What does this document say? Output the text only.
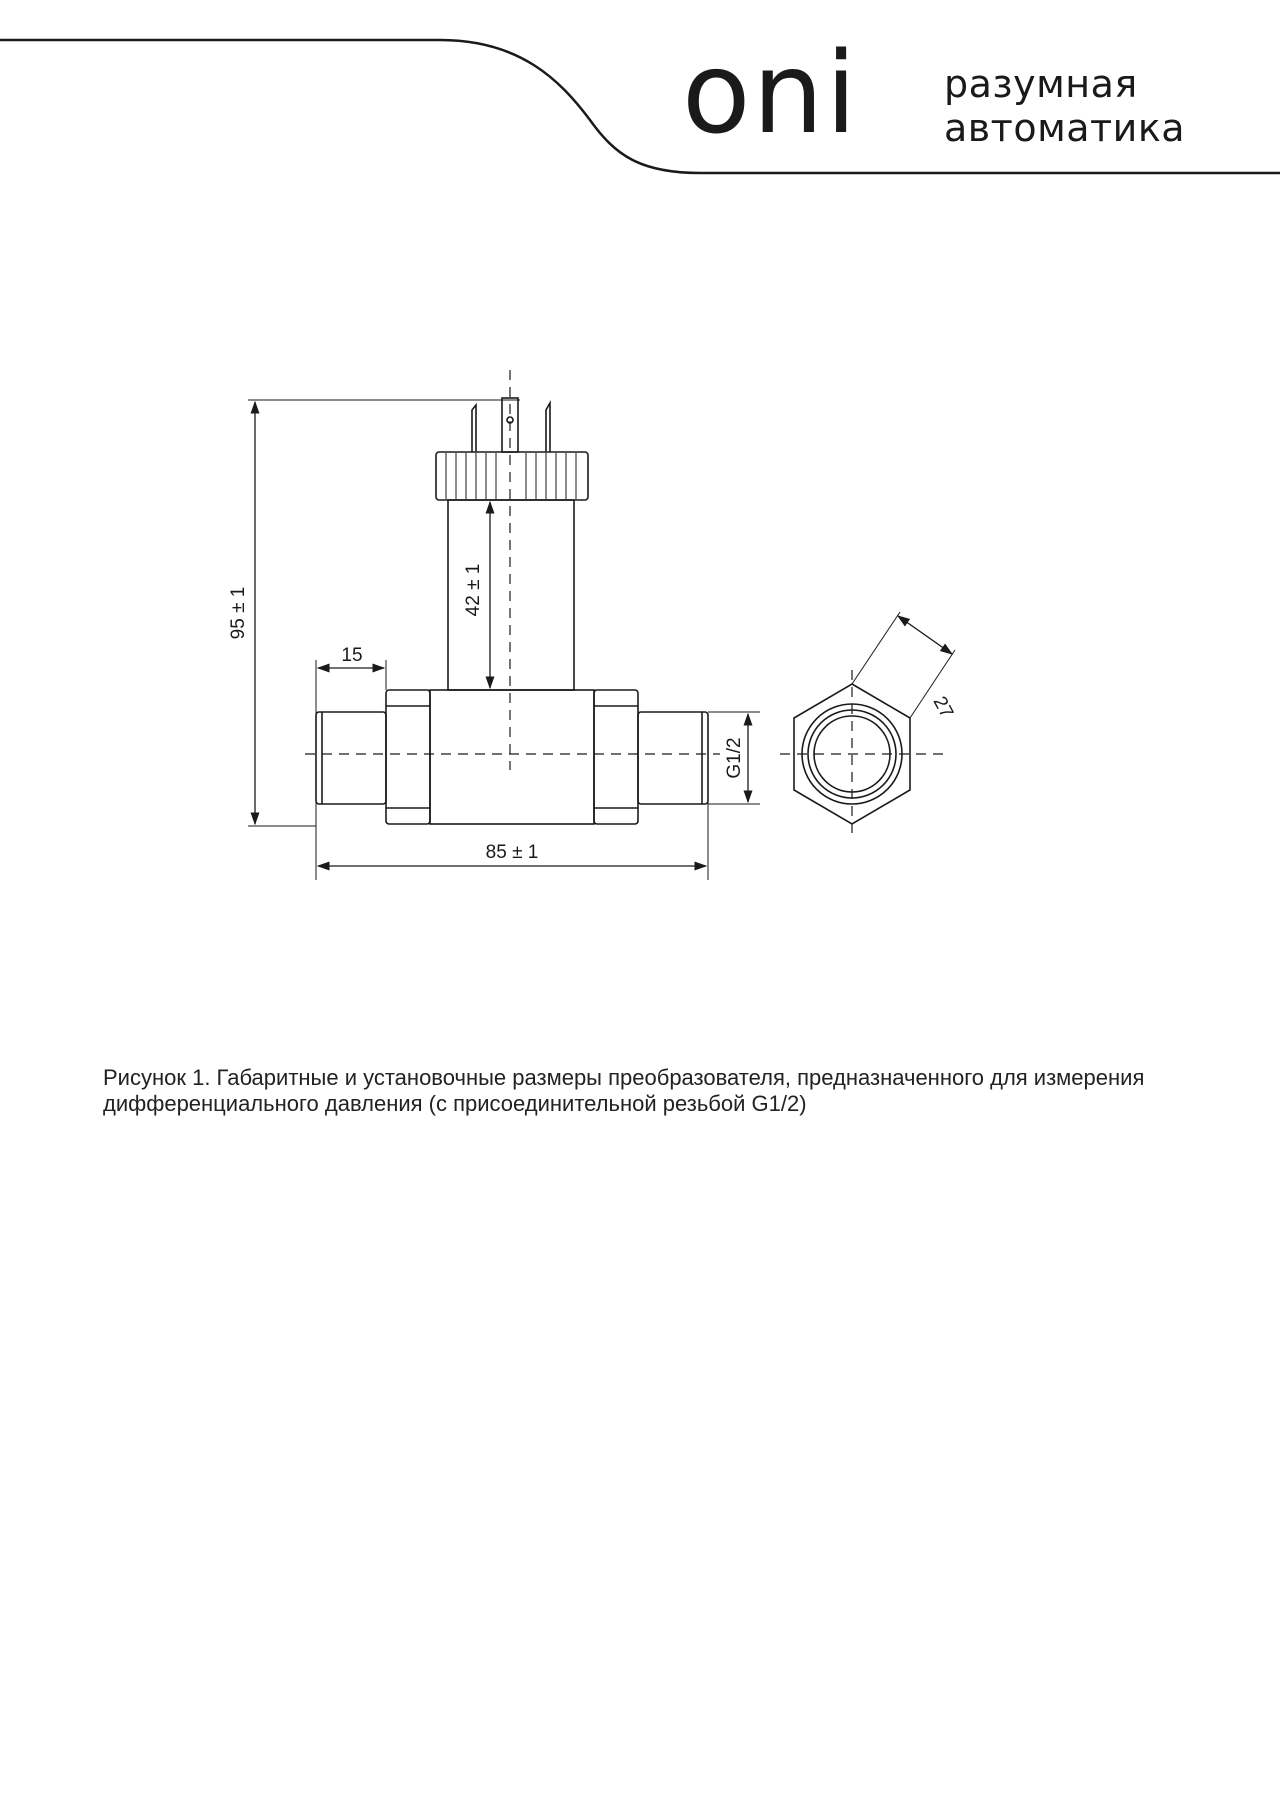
oni разумная
автоматика
95 ± 1	42 ± 1
15
G1/2
85 ± 1
27
Рисунок 1. Габаритные и установочные размеры преобразователя, предназначенного для измерения
дифференциального давления (с присоединительной резьбой G1/2)
